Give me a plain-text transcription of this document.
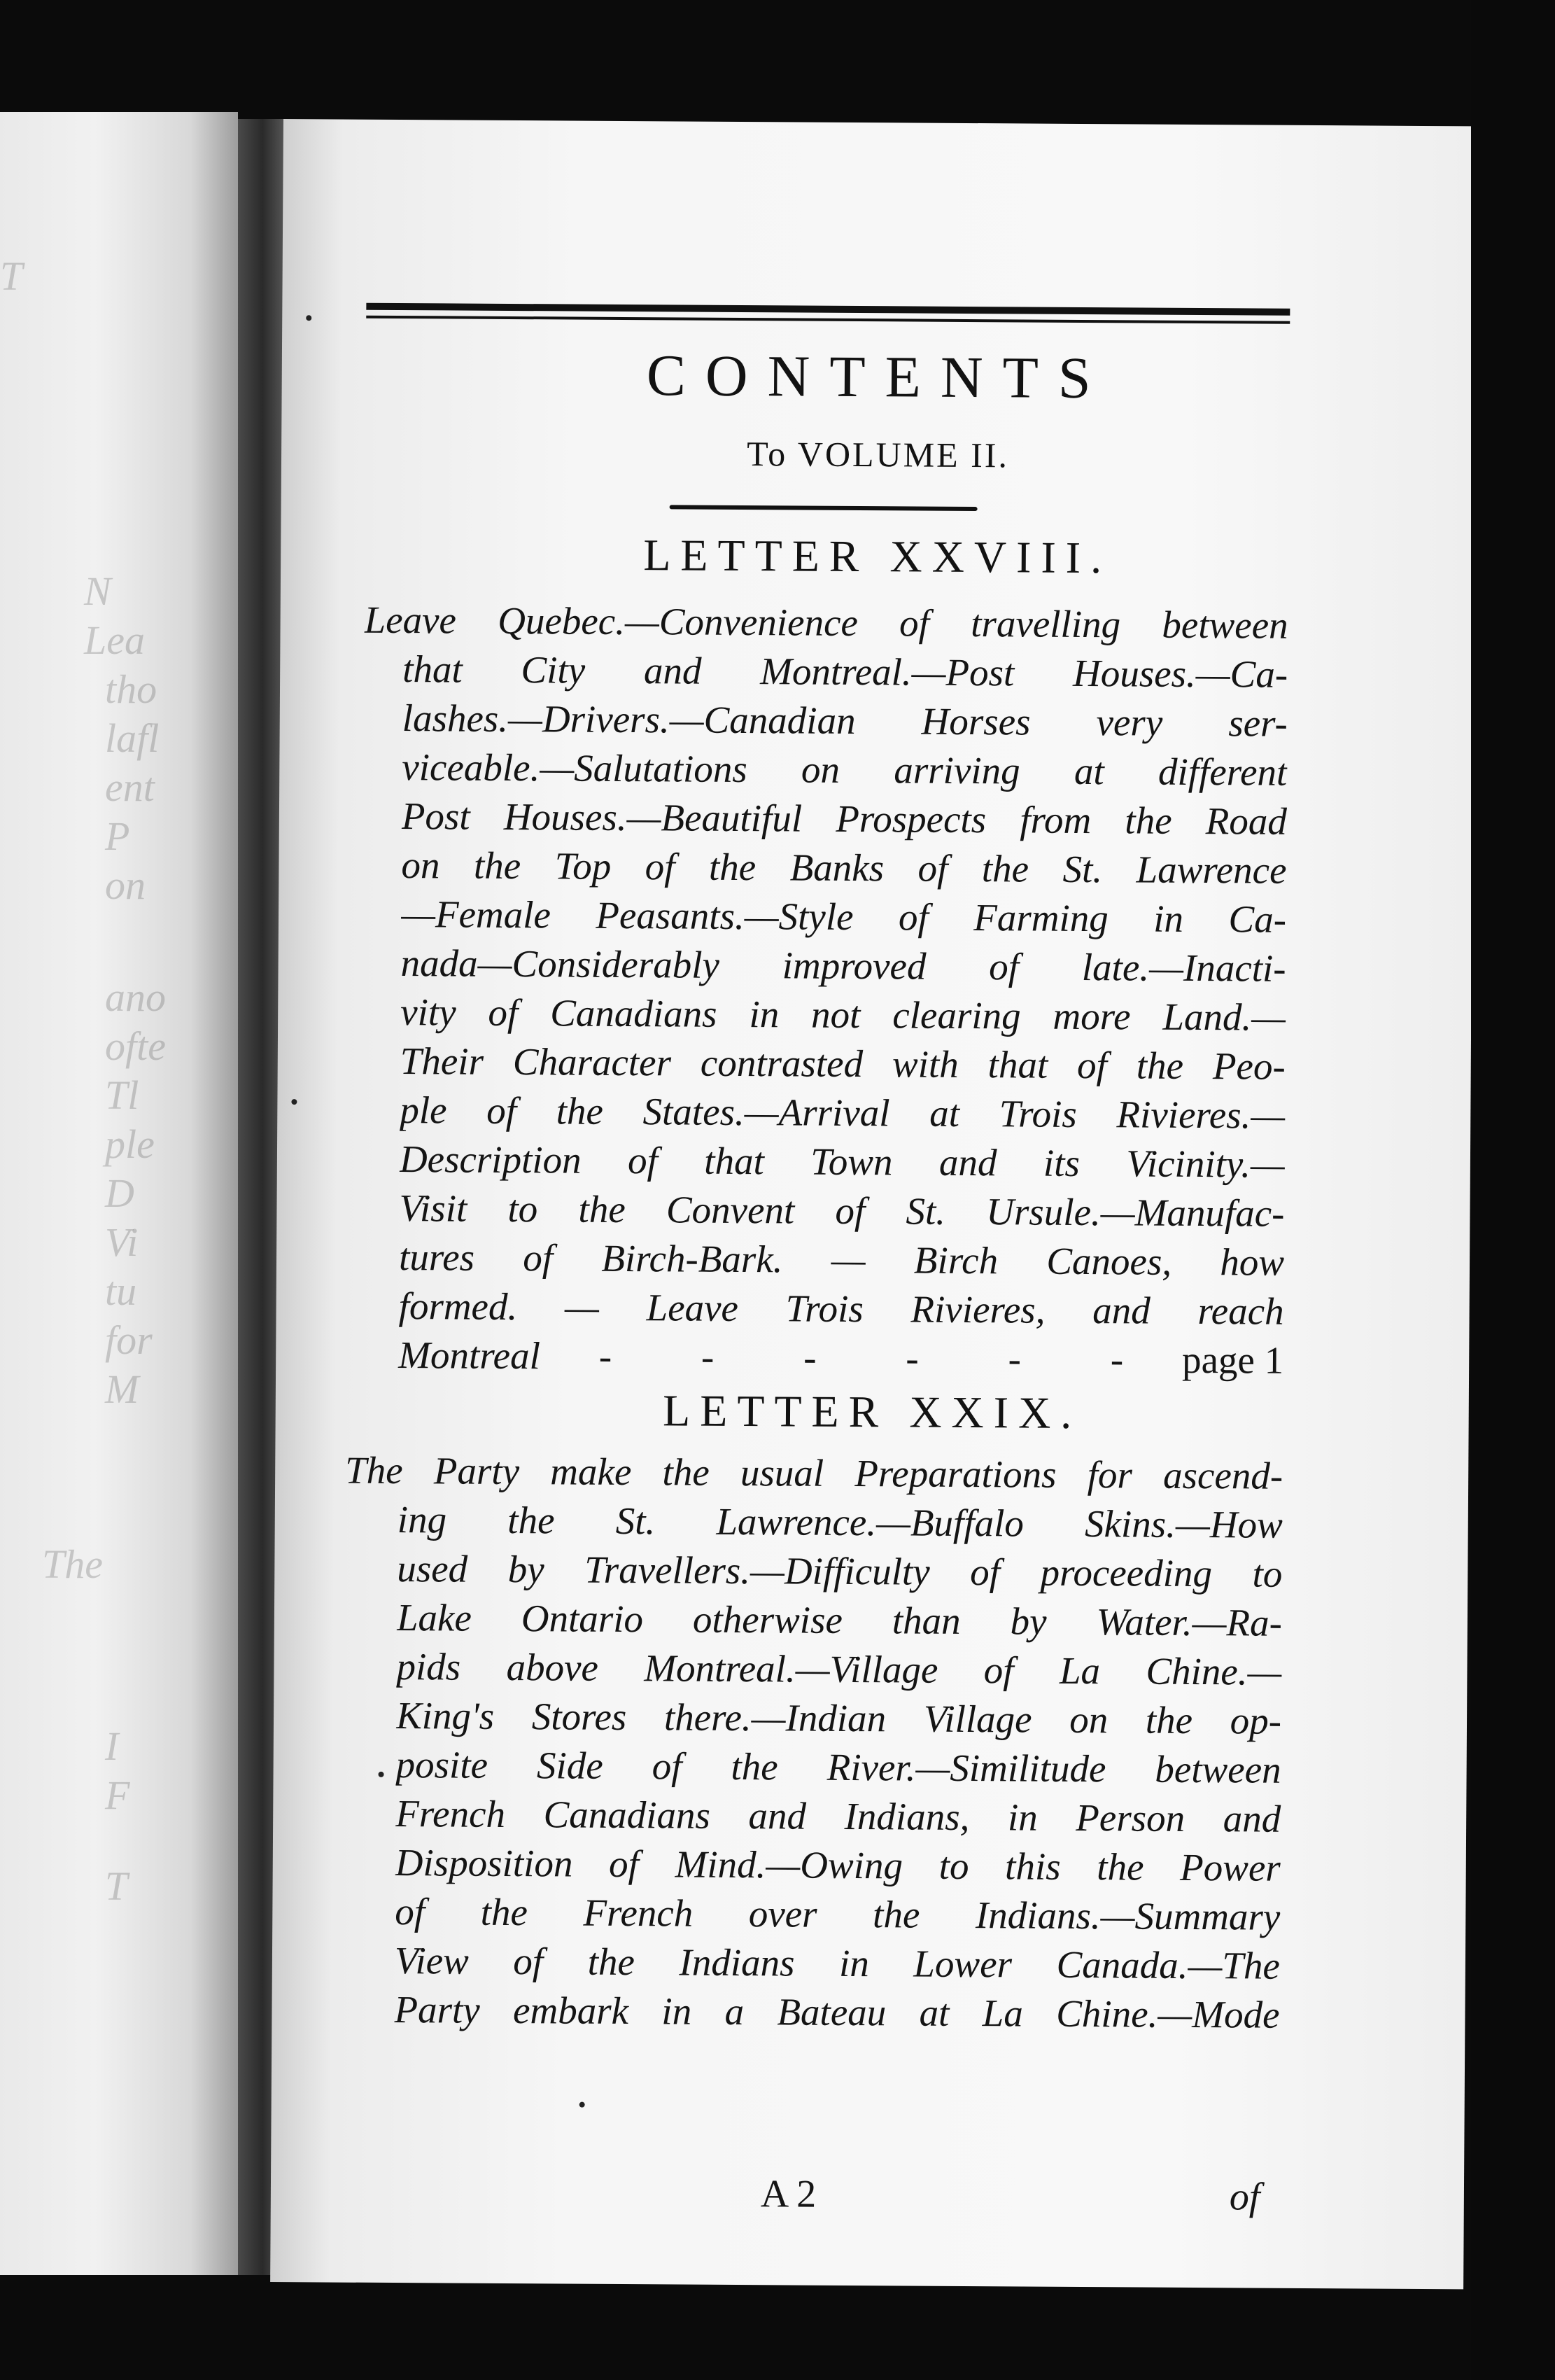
T
N
Lea
tho
lafl
ent
P
on
ano
ofte
Tl
ple
D
Vi
tu
for
M
The
I
F
T
CONTENTS
To VOLUME II.
LETTER XXVIII.
Leave Quebec.—Convenience of travelling between
that City and Montreal.—Post Houses.—Ca-
lashes.—Drivers.—Canadian Horses very ser-
viceable.—Salutations on arriving at different
Post Houses.—Beautiful Prospects from the Road
on the Top of the Banks of the St. Lawrence
—Female Peasants.—Style of Farming in Ca-
nada—Considerably improved of late.—Inacti-
vity of Canadians in not clearing more Land.—
Their Character contrasted with that of the Peo-
ple of the States.—Arrival at Trois Rivieres.—
Description of that Town and its Vicinity.—
Visit to the Convent of St. Ursule.—Manufac-
tures of Birch-Bark. — Birch Canoes, how
formed. — Leave Trois Rivieres, and reach
Montreal - - - - - - page 1
LETTER XXIX.
The Party make the usual Preparations for ascend-
ing the St. Lawrence.—Buffalo Skins.—How
used by Travellers.—Difficulty of proceeding to
Lake Ontario otherwise than by Water.—Ra-
pids above Montreal.—Village of La Chine.—
King's Stores there.—Indian Village on the op-
posite Side of the River.—Similitude between
French Canadians and Indians, in Person and
Disposition of Mind.—Owing to this the Power
of the French over the Indians.—Summary
View of the Indians in Lower Canada.—The
Party embark in a Bateau at La Chine.—Mode
A 2	of
